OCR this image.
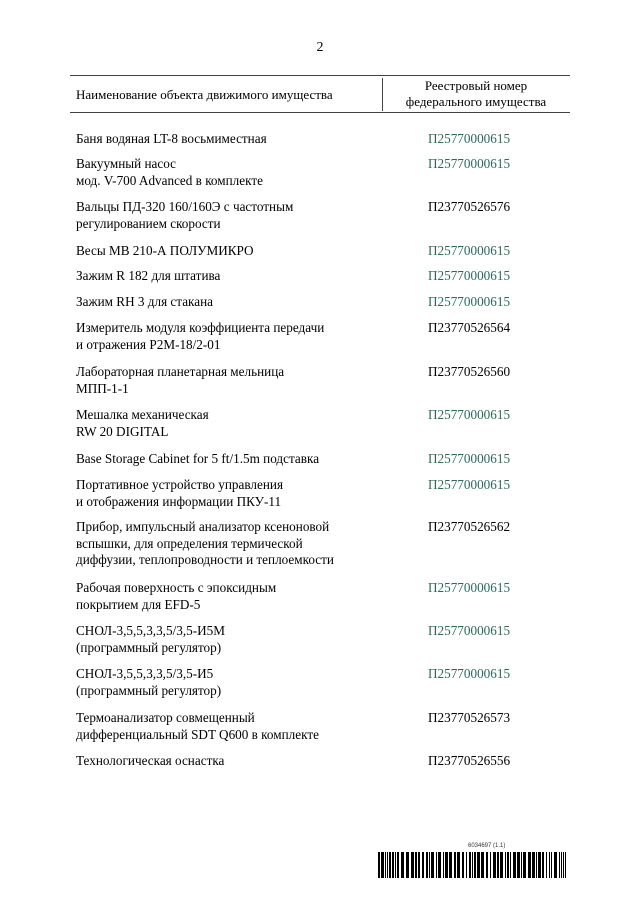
2
Наименование объекта движимого имущества
Реестровый номер
федерального имущества
Баня водяная LT-8 восьмиместная	П25770000615
Вакуумный насос
мод. V-700 Advanced в комплекте
П25770000615
Вальцы ПД-320 160/160Э с частотным
регулированием скорости
П23770526576
Весы МВ 210-А ПОЛУМИКРО	П25770000615
Зажим R 182 для штатива	П25770000615
Зажим RH 3 для стакана	П25770000615
Измеритель модуля коэффициента передачи
и отражения Р2М-18/2-01
П23770526564
Лабораторная планетарная мельница
МПП-1-1
П23770526560
Мешалка механическая
RW 20 DIGITAL
П25770000615
Base Storage Cabinet for 5 ft/1.5m подставка	П25770000615
Портативное устройство управления
и отображения информации ПКУ-11
П25770000615
Прибор, импульсный анализатор ксеноновой
вспышки, для определения термической
диффузии, теплопроводности и теплоемкости
П23770526562
Рабочая поверхность с эпоксидным
покрытием для EFD-5
П25770000615
СНОЛ-3,5,5,3,3,5/3,5-И5М
(программный регулятор)
П25770000615
СНОЛ-3,5,5,3,3,5/3,5-И5
(программный регулятор)
П25770000615
Термоанализатор совмещенный
дифференциальный SDT Q600 в комплекте
П23770526573
Технологическая оснастка	П23770526556
6034697 (1.1)
